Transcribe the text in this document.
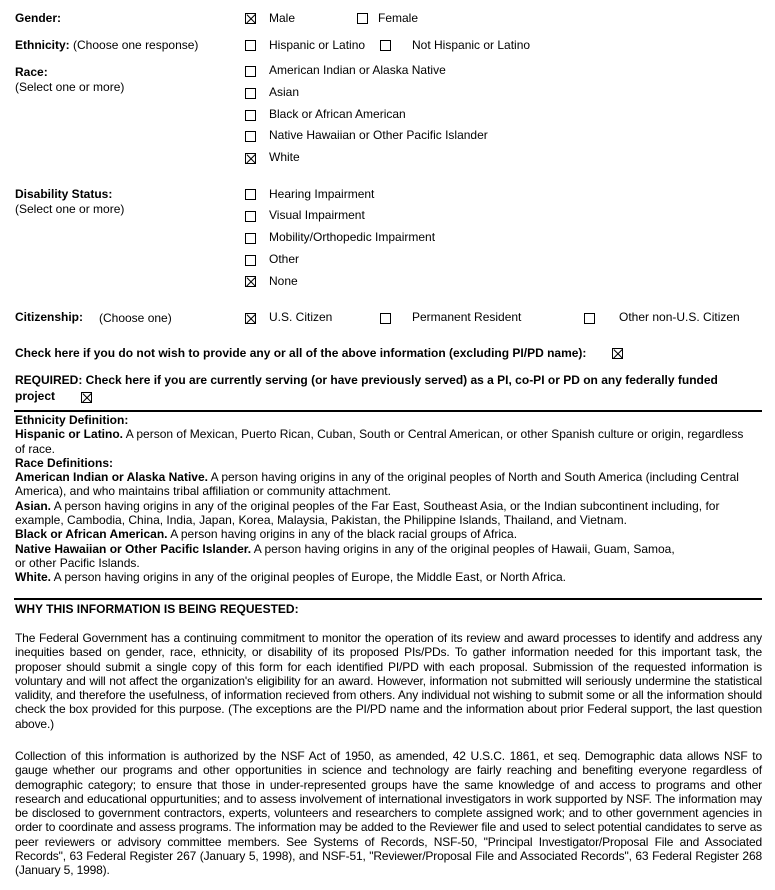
Gender:	Male	Female
Ethnicity: (Choose one response)	Hispanic or Latino	Not Hispanic or Latino
Race:
(Select one or more)
American Indian or Alaska Native
Asian
Black or African American
Native Hawaiian or Other Pacific Islander
White
Disability Status:
(Select one or more)
Hearing Impairment
Visual Impairment
Mobility/Orthopedic Impairment
Other
None
Citizenship: (Choose one)	U.S. Citizen	Permanent Resident	Other non-U.S. Citizen
Check here if you do not wish to provide any or all of the above information (excluding PI/PD name):
REQUIRED: Check here if you are currently serving (or have previously served) as a PI, co-PI or PD on any federally funded
project

Ethnicity Definition:

Hispanic or Latino. A person of Mexican, Puerto Rican, Cuban, South or Central American, or other Spanish culture or origin, regardless of race.

Race Definitions:

American Indian or Alaska Native. A person having origins in any of the original peoples of North and South America (including Central America), and who maintains tribal affiliation or community attachment.

Asian. A person having origins in any of the original peoples of the Far East, Southeast Asia, or the Indian subcontinent including, for example, Cambodia, China, India, Japan, Korea, Malaysia, Pakistan, the Philippine Islands, Thailand, and Vietnam.

Black or African American. A person having origins in any of the black racial groups of Africa.

Native Hawaiian or Other Pacific Islander. A person having origins in any of the original peoples of Hawaii, Guam, Samoa,
or other Pacific Islands.

White. A person having origins in any of the original peoples of Europe, the Middle East, or North Africa.

WHY THIS INFORMATION IS BEING REQUESTED:

The Federal Government has a continuing commitment to monitor the operation of its review and award processes to identify and address any inequities based on gender, race, ethnicity, or disability of its proposed PIs/PDs. To gather information needed for this important task, the proposer should submit a single copy of this form for each identified PI/PD with each proposal. Submission of the requested information is voluntary and will not affect the organization's eligibility for an award. However, information not submitted will seriously undermine the statistical validity, and therefore the usefulness, of information recieved from others. Any individual not wishing to submit some or all the information should check the box provided for this purpose. (The exceptions are the PI/PD name and the information about prior Federal support, the last question above.)

Collection of this information is authorized by the NSF Act of 1950, as amended, 42 U.S.C. 1861, et seq. Demographic data allows NSF to gauge whether our programs and other opportunities in science and technology are fairly reaching and benefiting everyone regardless of demographic category; to ensure that those in under-represented groups have the same knowledge of and access to programs and other research and educational oppurtunities; and to assess involvement of international investigators in work supported by NSF. The information may be disclosed to government contractors, experts, volunteers and researchers to complete assigned work; and to other government agencies in order to coordinate and assess programs. The information may be added to the Reviewer file and used to select potential candidates to serve as peer reviewers or advisory committee members. See Systems of Records, NSF-50, "Principal Investigator/Proposal File and Associated Records", 63 Federal Register 267 (January 5, 1998), and NSF-51, "Reviewer/Proposal File and Associated Records", 63 Federal Register 268 (January 5, 1998).
